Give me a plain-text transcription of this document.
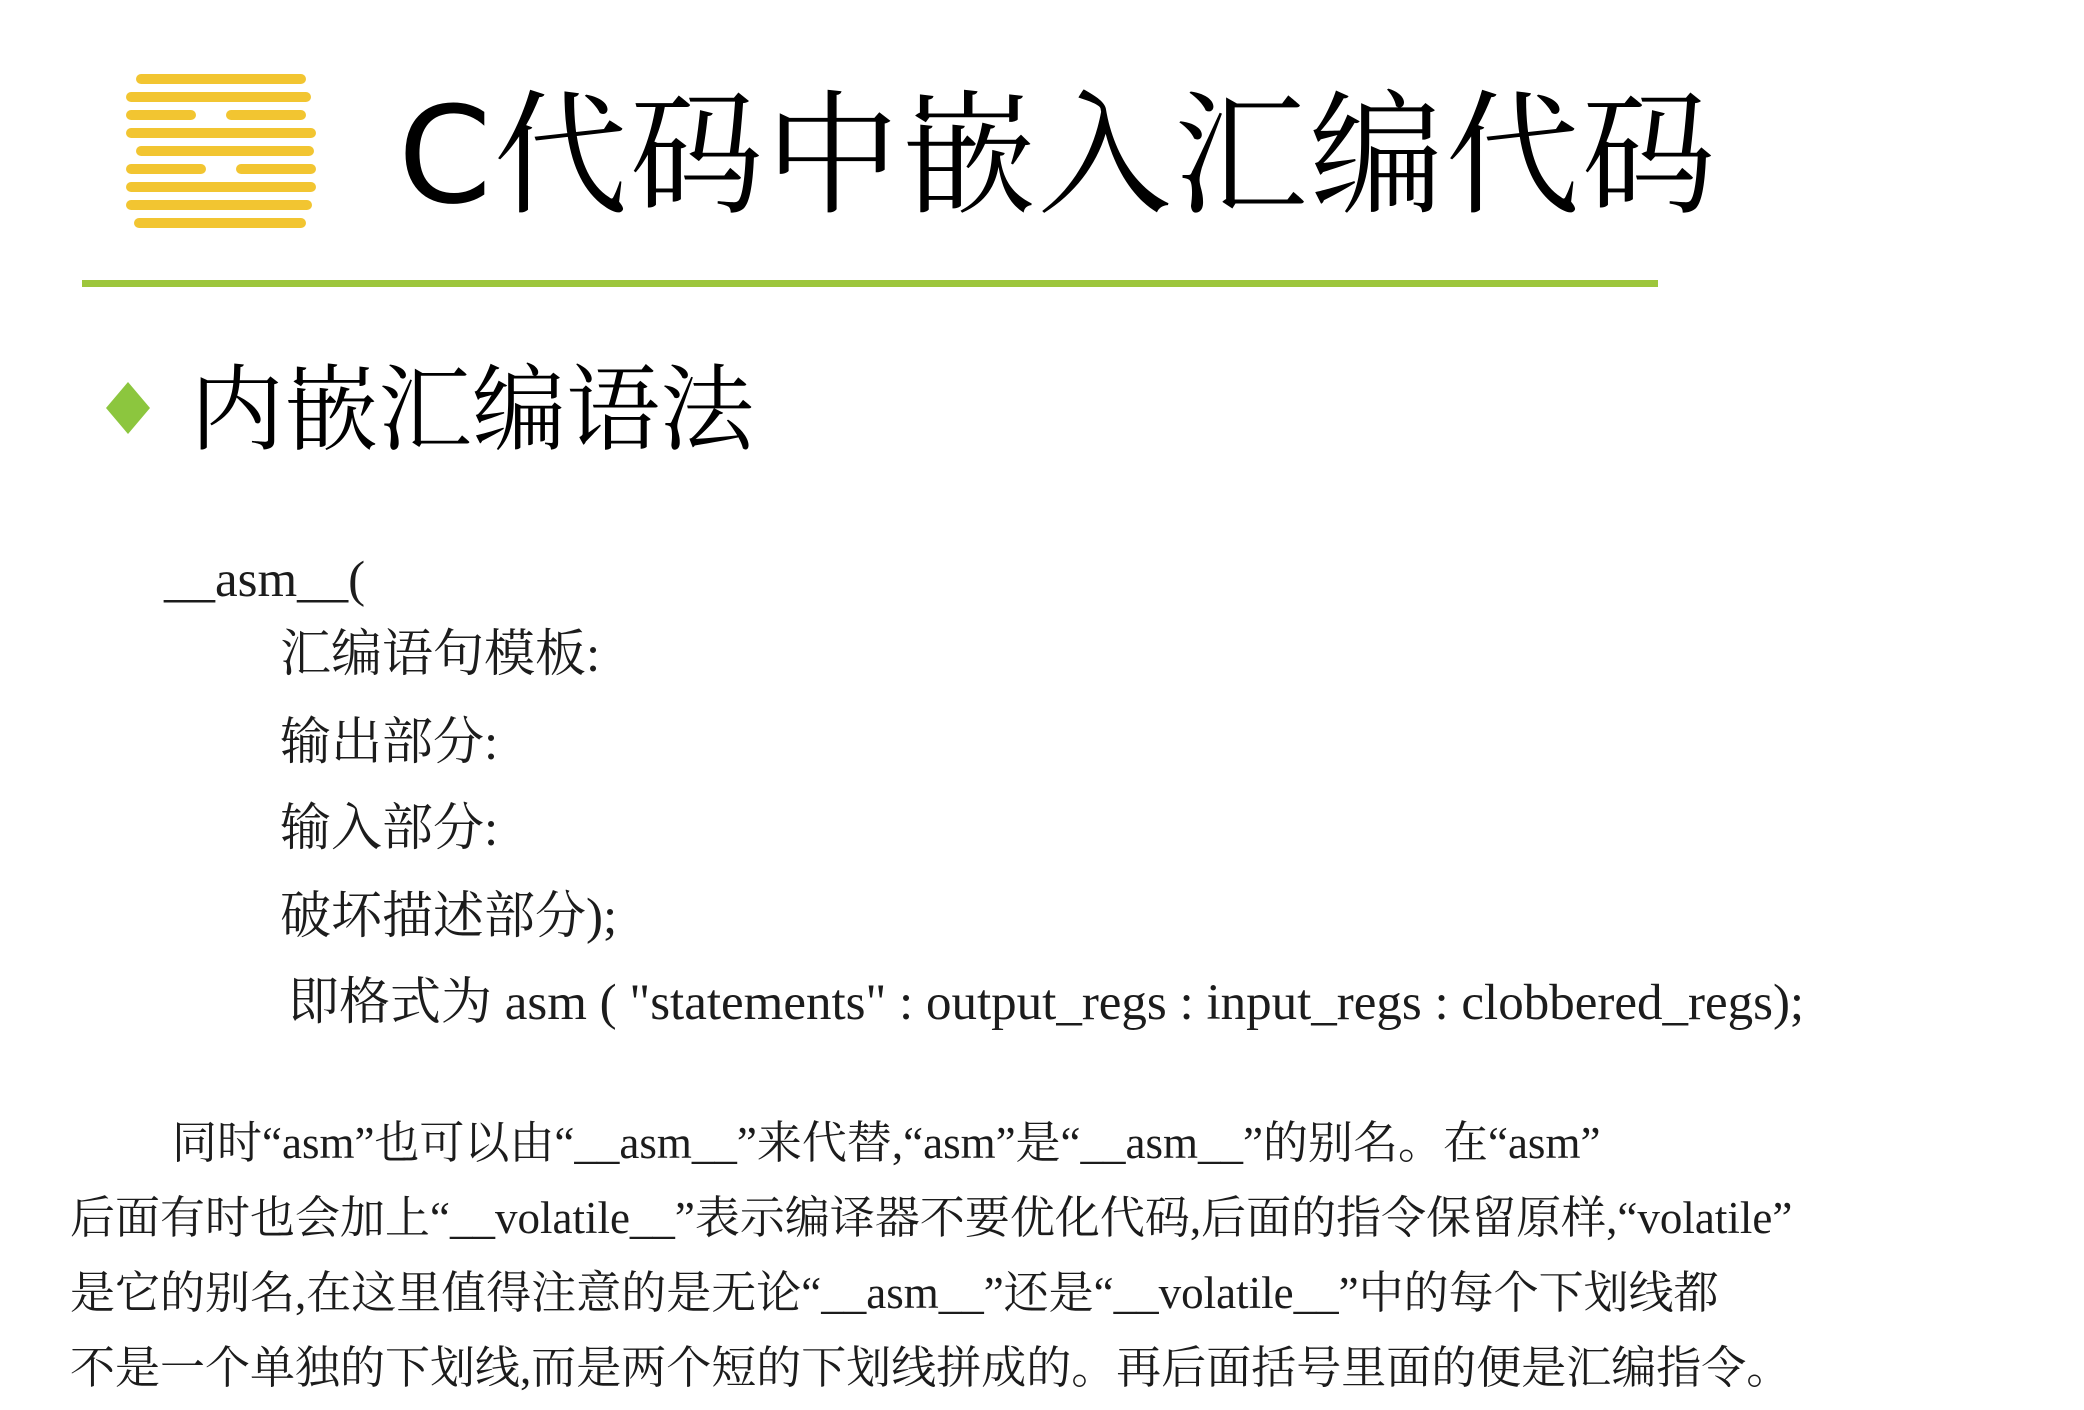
C代码中嵌入汇编代码
内嵌汇编语法
__asm__(
汇编语句模板:
输出部分:
输入部分:
破坏描述部分);
即格式为 asm ( "statements" : output_regs : input_regs : clobbered_regs);
同时“asm”也可以由“__asm__”来代替,“asm”是“__asm__”的别名。在“asm”
后面有时也会加上“__volatile__”表示编译器不要优化代码,后面的指令保留原样,“volatile”
是它的别名,在这里值得注意的是无论“__asm__”还是“__volatile__”中的每个下划线都
不是一个单独的下划线,而是两个短的下划线拼成的。再后面括号里面的便是汇编指令。
